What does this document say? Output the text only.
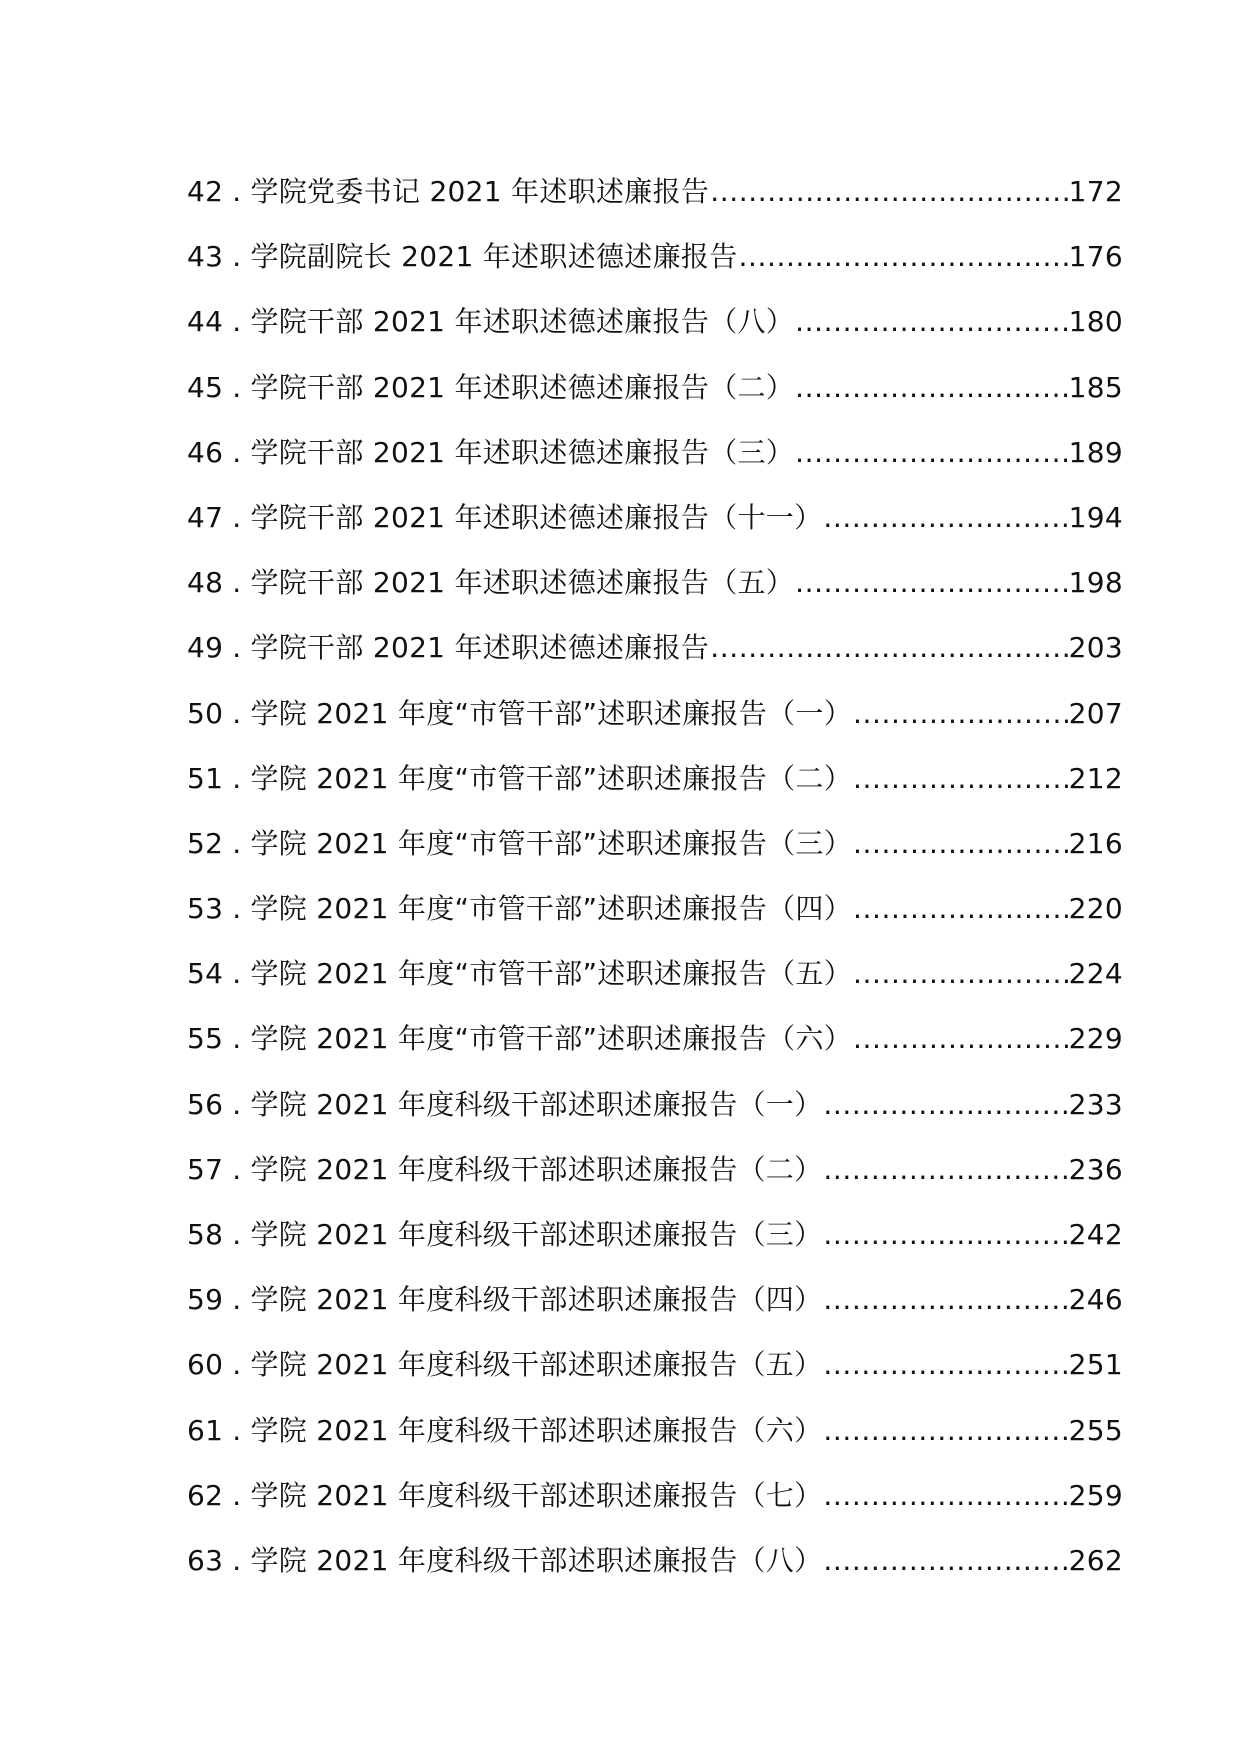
42 . 学院党委书记 2021 年述职述廉报告 .....	172
43 . 学院副院长 2021 年述职述德述廉报告 .....	176
44 . 学院干部 2021 年述职述德述廉报告（八） .....	180
45 . 学院干部 2021 年述职述德述廉报告（二） .....	185
46 . 学院干部 2021 年述职述德述廉报告（三） .....	189
47 . 学院干部 2021 年述职述德述廉报告（十一） .....	194
48 . 学院干部 2021 年述职述德述廉报告（五） .....	198
49 . 学院干部 2021 年述职述德述廉报告 .....	203
50 . 学院 2021 年度“市管干部”述职述廉报告（一） .....	207
51 . 学院 2021 年度“市管干部”述职述廉报告（二） .....	212
52 . 学院 2021 年度“市管干部”述职述廉报告（三） .....	216
53 . 学院 2021 年度“市管干部”述职述廉报告（四） .....	220
54 . 学院 2021 年度“市管干部”述职述廉报告（五） .....	224
55 . 学院 2021 年度“市管干部”述职述廉报告（六） .....	229
56 . 学院 2021 年度科级干部述职述廉报告（一） .....	233
57 . 学院 2021 年度科级干部述职述廉报告（二） .....	236
58 . 学院 2021 年度科级干部述职述廉报告（三） .....	242
59 . 学院 2021 年度科级干部述职述廉报告（四） .....	246
60 . 学院 2021 年度科级干部述职述廉报告（五） .....	251
61 . 学院 2021 年度科级干部述职述廉报告（六） .....	255
62 . 学院 2021 年度科级干部述职述廉报告（七） .....	259
63 . 学院 2021 年度科级干部述职述廉报告（八） .....	262
